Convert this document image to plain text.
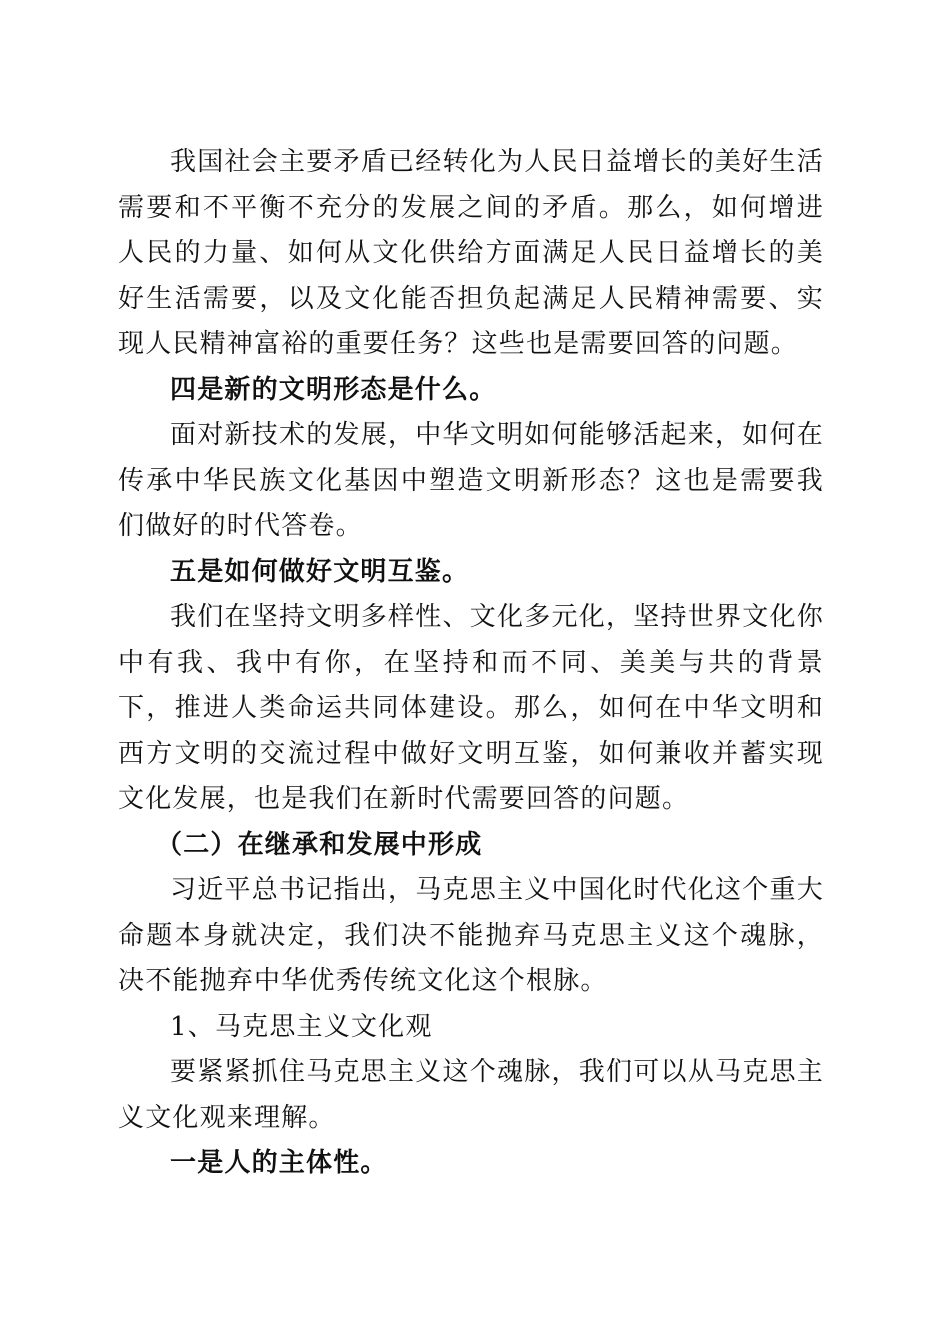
我国社会主要矛盾已经转化为人民日益增长的美好生活需要和不平衡不充分的发展之间的矛盾。那么，如何增进人民的力量、如何从文化供给方面满足人民日益增长的美好生活需要，以及文化能否担负起满足人民精神需要、实现人民精神富裕的重要任务？这些也是需要回答的问题。

四是新的文明形态是什么。

面对新技术的发展，中华文明如何能够活起来，如何在传承中华民族文化基因中塑造文明新形态？这也是需要我们做好的时代答卷。

五是如何做好文明互鉴。

我们在坚持文明多样性、文化多元化，坚持世界文化你中有我、我中有你，在坚持和而不同、美美与共的背景下，推进人类命运共同体建设。那么，如何在中华文明和西方文明的交流过程中做好文明互鉴，如何兼收并蓄实现文化发展，也是我们在新时代需要回答的问题。

（二）在继承和发展中形成

习近平总书记指出，马克思主义中国化时代化这个重大命题本身就决定，我们决不能抛弃马克思主义这个魂脉，决不能抛弃中华优秀传统文化这个根脉。

1、马克思主义文化观

要紧紧抓住马克思主义这个魂脉，我们可以从马克思主义文化观来理解。

一是人的主体性。
